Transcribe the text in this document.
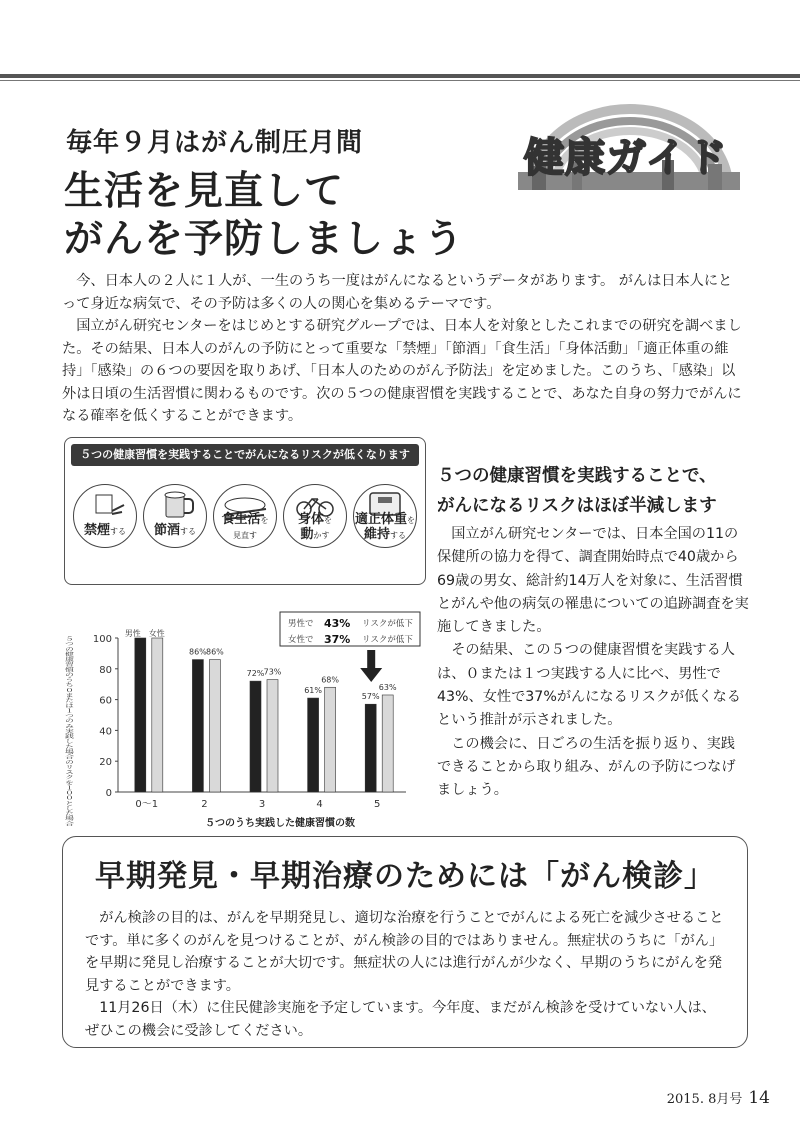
毎年９月はがん制圧月間
生活を見直して
がんを予防しましょう
健康ガイド

今、日本人の２人に１人が、一生のうち一度はがんになるというデータがあります。 がんは日本人にとって身近な病気で、その予防は多くの人の関心を集めるテーマです。

国立がん研究センターをはじめとする研究グループでは、日本人を対象としたこれまでの研究を調べました。その結果、日本人のがんの予防にとって重要な「禁煙」「節酒」「食生活」「身体活動」「適正体重の維持」「感染」の６つの要因を取りあげ、「日本人のためのがん予防法」を定めました。このうち、「感染」以外は日頃の生活習慣に関わるものです。次の５つの健康習慣を実践することで、あなた自身の努力でがんになる確率を低くすることができます。

５つの健康習慣を実践することでがんになるリスクが低くなります
禁煙する	節酒する
食生活を
見直す
身体を
動かす
適正体重を
維持する
５つの健康習慣を実践することで、
がんになるリスクはほぼ半減します

国立がん研究センターでは、日本全国の11の保健所の協力を得て、調査開始時点で40歳から69歳の男女、総計約14万人を対象に、生活習慣とがんや他の病気の罹患についての追跡調査を実施してきました。

その結果、この５つの健康習慣を実践する人は、０または１つ実践する人に比べ、男性で43%、女性で37%がんになるリスクが低くなるという推計が示されました。

この機会に、日ごろの生活を振り返り、実践できることから取り組み、がんの予防につなげましょう。

0
20
40
60
80
100
５つの健康習慣のうち０または１つのみ実践した場合のリスクを１００とした場合	0～1
86% 86%
2
72% 73%
3
61%
68%
4
57%
63%
5
男性 女性
５つのうち実践した健康習慣の数
男性で 43% リスクが低下
女性で 37% リスクが低下
早期発見・早期治療のためには「がん検診」

がん検診の目的は、がんを早期発見し、適切な治療を行うことでがんによる死亡を減少させることです。単に多くのがんを見つけることが、がん検診の目的ではありません。無症状のうちに「がん」を早期に発見し治療することが大切です。無症状の人には進行がんが少なく、早期のうちにがんを発見することができます。

11月26日（木）に住民健診実施を予定しています。今年度、まだがん検診を受けていない人は、ぜひこの機会に受診してください。

2015. 8月号 14
